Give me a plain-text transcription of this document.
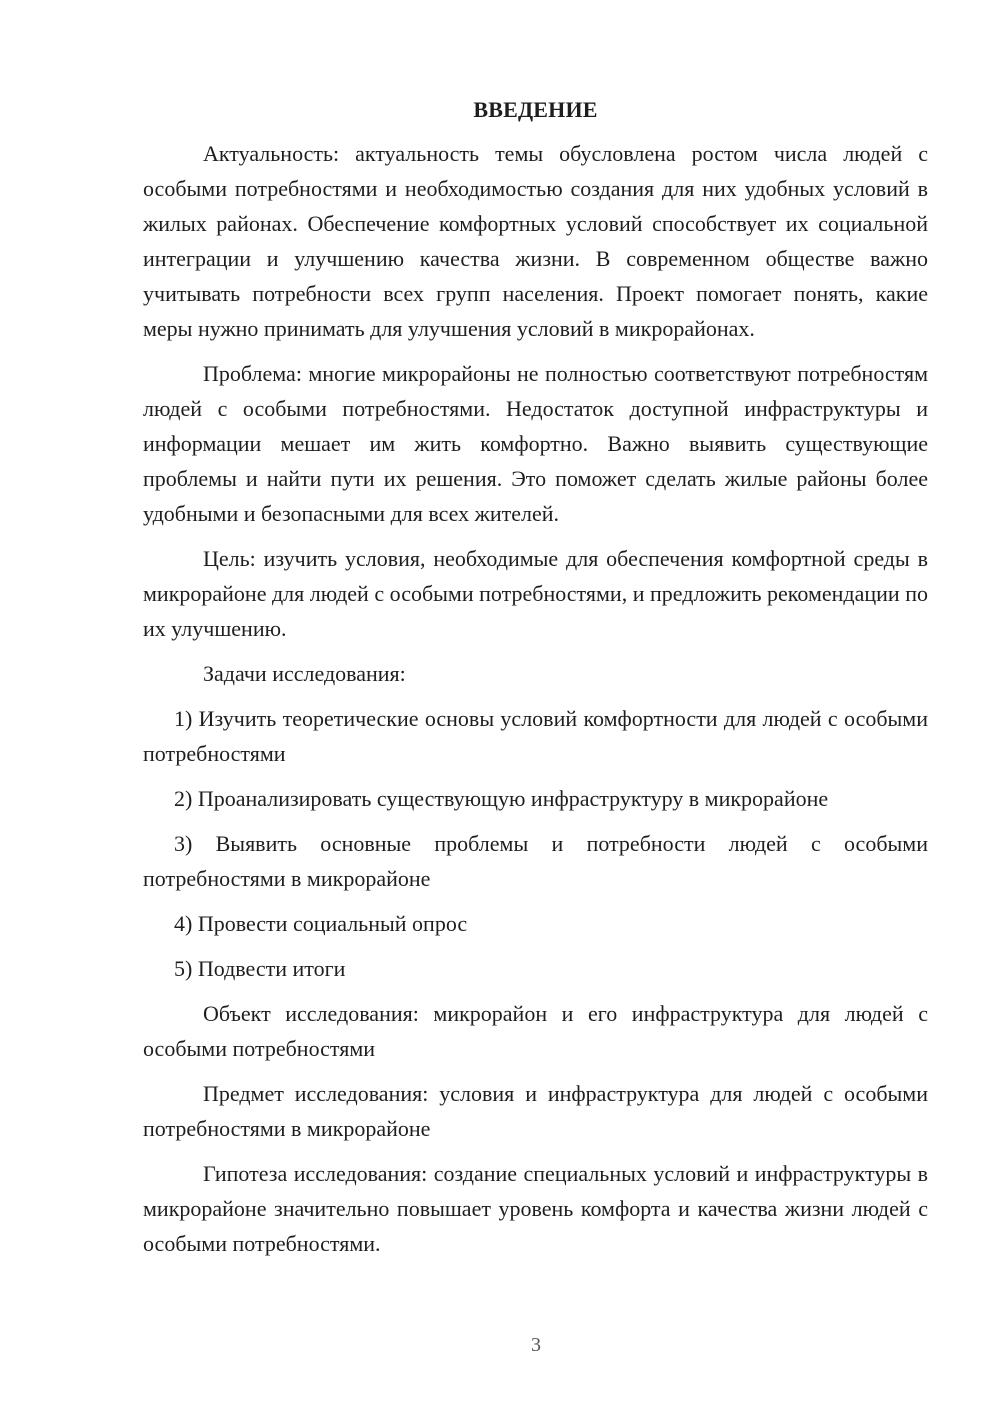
ВВЕДЕНИЕ

Актуальность: актуальность темы обусловлена ростом числа людей с особыми потребностями и необходимостью создания для них удобных условий в жилых районах. Обеспечение комфортных условий способствует их социальной интеграции и улучшению качества жизни. В современном обществе важно учитывать потребности всех групп населения. Проект помогает понять, какие меры нужно принимать для улучшения условий в микрорайонах.

Проблема: многие микрорайоны не полностью соответствуют потребностям людей с особыми потребностями. Недостаток доступной инфраструктуры и информации мешает им жить комфортно. Важно выявить существующие проблемы и найти пути их решения. Это поможет сделать жилые районы более удобными и безопасными для всех жителей.

Цель: изучить условия, необходимые для обеспечения комфортной среды в микрорайоне для людей с особыми потребностями, и предложить рекомендации по их улучшению.

Задачи исследования:

1) Изучить теоретические основы условий комфортности для людей с особыми потребностями

2) Проанализировать существующую инфраструктуру в микрорайоне

3) Выявить основные проблемы и потребности людей с особыми потребностями в микрорайоне

4) Провести социальный опрос

5) Подвести итоги

Объект исследования: микрорайон и его инфраструктура для людей с особыми потребностями

Предмет исследования: условия и инфраструктура для людей с особыми потребностями в микрорайоне

Гипотеза исследования: создание специальных условий и инфраструктуры в микрорайоне значительно повышает уровень комфорта и качества жизни людей с особыми потребностями.

3
